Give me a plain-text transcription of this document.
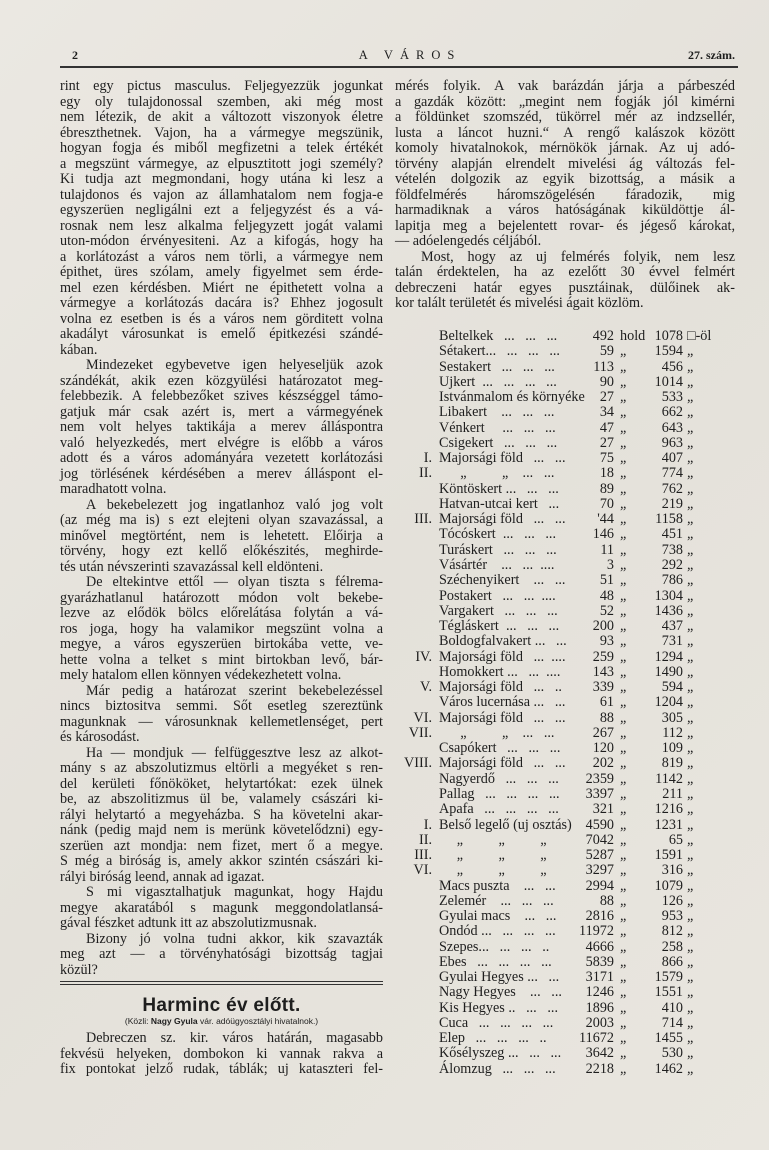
2	A VÁROS	27. szám.
rint egy pictus masculus. Feljegyezzük jogunkat
egy oly tulajdonossal szemben, aki még most
nem létezik, de akit a változott viszonyok életre
ébreszthetnek. Vajon, ha a vármegye megszünik,
hogyan fogja és miből megfizetni a telek értékét
a megszünt vármegye, az elpusztitott jogi személy?
Ki tudja azt megmondani, hogy utána ki lesz a
tulajdonos és vajon az államhatalom nem fogja-e
egyszerüen negligálni ezt a feljegyzést és a vá-
rosnak nem lesz alkalma feljegyzett jogát valami
uton-módon érvényesiteni. Az a kifogás, hogy ha
a korlátozást a város nem törli, a vármegye nem
épithet, üres szólam, amely figyelmet sem érde-
mel ezen kérdésben. Miért ne épithetett volna a
vármegye a korlátozás dacára is? Ehhez jogosult
volna ez esetben is és a város nem görditett volna
akadályt városunkat is emelő épitkezési szándé-
kában.
Mindezeket egybevetve igen helyeseljük azok
szándékát, akik ezen közgyülési határozatot meg-
felebbezik. A felebbezőket szives készséggel támo-
gatjuk már csak azért is, mert a vármegyének
nem volt helyes taktikája a merev álláspontra
való helyezkedés, mert elvégre is előbb a város
adott és a város adományára vezetett korlátozási
jog törlésének kérdésében a merev álláspont el-
maradhatott volna.
A bekebelezett jog ingatlanhoz való jog volt
(az még ma is) s ezt elejteni olyan szavazással, a
minővel megtörtént, nem is lehetett. Előirja a
törvény, hogy ezt kellő előkészités, meghirde-
tés után névszerinti szavazással kell eldönteni.
De eltekintve ettől — olyan tiszta s félrema-
gyarázhatlanul határozott módon volt bekebe-
lezve az elődök bölcs előrelátása folytán a vá-
ros joga, hogy ha valamikor megszünt volna a
megye, a város egyszerüen birtokába vette, ve-
hette volna a telket s mint birtokban levő, bár-
mely hatalom ellen könnyen védekezhetett volna.
Már pedig a határozat szerint bekebelezéssel
nincs biztositva semmi. Sőt esetleg szereztünk
magunknak — városunknak kellemetlenséget, pert
és károsodást.
Ha — mondjuk — felfüggesztve lesz az alkot-
mány s az abszolutizmus eltörli a megyéket s ren-
del kerületi főnököket, helytartókat: ezek ülnek
be, az abszolitizmus ül be, valamely császári ki-
rályi helytartó a megyeházba. S ha követelni akar-
nánk (pedig majd nem is merünk követelődzni) egy-
szerüen azt mondja: nem fizet, mert ő a megye.
S még a biróság is, amely akkor szintén császári ki-
rályi biróság leend, annak ad igazat.
S mi vigasztalhatjuk magunkat, hogy Hajdu
megye akaratából s magunk meggondolatlansá-
gával fészket adtunk itt az abszolutizmusnak.
Bizony jó volna tudni akkor, kik szavazták
meg azt — a törvényhatósági bizottság tagjai
közül?
Harminc év előtt.
(Közli: Nagy Gyula vár. adóügyosztályi hivatalnok.)
Debreczen sz. kir. város határán, magasabb
fekvésü helyeken, dombokon ki vannak rakva a
fix pontokat jelző rudak, táblák; uj kataszteri fel-
mérés folyik. A vak barázdán járja a párbeszéd
a gazdák között: „megint nem fogják jól kimérni
a földünket szomszéd, tükörrel mér az indzsellér,
lusta a láncot huzni.“ A rengő kalászok között
komoly hivatalnokok, mérnökök járnak. Az uj adó-
törvény alapján elrendelt mivelési ág változás fel-
vételén dolgozik az egyik bizottság, a másik a
földfelmérés háromszögelésén fáradozik, mig
harmadiknak a város hatóságának kiküldöttje ál-
lapitja meg a bejelentett rovar- és jégeső károkat,
— adóelengedés céljából.
Most, hogy az uj felmérés folyik, nem lesz
talán érdektelen, ha az ezelőtt 30 évvel felmért
debreczeni határ egyes pusztáinak, dülőinek ak-
kor talált területét és mivelési ágait közlöm.
Beltelkek   ...   ...   ...	492 hold 1078 □-öl
Sétakert...   ...   ...   ...	59 „ 1594 „
Sestakert   ...   ...   ...	113 „ 456 „
Ujkert  ...   ...   ...   ...	90 „ 1014 „
Istvánmalom és környéke 27 „ 533 „
Libakert    ...   ...   ...	34 „ 662 „
Vénkert     ...   ...   ...	47 „ 643 „
Csigekert   ...   ...   ...	27 „ 963 „
I. Majorsági föld   ...   ... 75 „ 407 „
II. „          „    ...   ...	18 „ 774 „
Köntöskert ...   ...   ...	89 „ 762 „
Hatvan-utcai kert   ...	70 „ 219 „
III. Majorsági föld   ...   ... '44 „ 1158 „
Tócóskert  ...   ...   ...	146 „ 451 „
Turáskert   ...   ...   ...	11 „ 738 „
Vásártér    ...   ...  ....	3 „ 292 „
Széchenyikert    ...   ... 51 „ 786 „
Postakert   ...   ...  ....	48 „ 1304 „
Vargakert   ...   ...   ...	52 „ 1436 „
Tégláskert  ...   ...   ... 200 „ 437 „
Boldogfalvakert ...   ... 93 „ 731 „
IV. Majorsági föld   ...  .... 259 „ 1294 „
Homokkert ...   ...  .... 143 „ 1490 „
V. Majorsági föld   ...   .. 339 „ 594 „
Város lucernása ...   ... 61 „ 1204 „
VI. Majorsági föld   ...   ... 88 „ 305 „
VII. „          „    ...   ...	267 „	112 „
Csapókert   ...   ...   ... 120 „ 109 „
VIII. Majorsági föld   ...   ... 202 „ 819 „
Nagyerdő   ...   ...   ... 2359 „ 1142 „
Pallag   ...   ...   ...   ... 3397 „	211 „
Apafa   ...   ...   ...   ... 321 „ 1216 „
I. Belső legelő (uj osztás) 4590 „ 1231 „
II. „          „          „	7042 „	65 „
III. „          „          „	5287 „ 1591 „
VI. „          „          „	3297 „ 316 „
Macs puszta    ...   ... 2994 „ 1079 „
Zelemér    ...   ...   ...	88 „ 126 „
Gyulai macs    ...   ... 2816 „ 953 „
Ondód ...   ...   ...   ... 11972 „ 812 „
Szepes...   ...   ...   ..	4666 „ 258 „
Ebes   ...   ...   ...   ... 5839 „ 866 „
Gyulai Hegyes ...   ... 3171 „ 1579 „
Nagy Hegyes    ...   ... 1246 „ 1551 „
Kis Hegyes ..   ...   ... 1896 „ 410 „
Cuca   ...   ...   ...   ... 2003 „ 714 „
Elep   ...   ...   ...   .. 11672 „ 1455 „
Kősélyszeg ...   ...   ... 3642 „ 530 „
Álomzug   ...   ...   ... 2218 „ 1462 „
